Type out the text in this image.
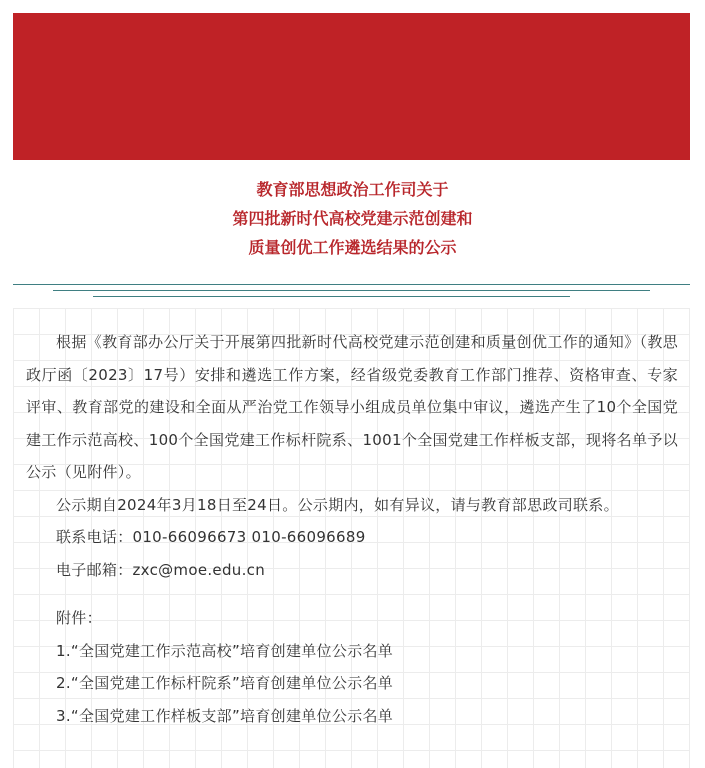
教育部思想政治工作司关于
第四批新时代高校党建示范创建和
质量创优工作遴选结果的公示

根据《教育部办公厅关于开展第四批新时代高校党建示范创建和质量创优工作的通知》（教思政厅函〔2023〕17号）安排和遴选工作方案，经省级党委教育工作部门推荐、资格审查、专家评审、教育部党的建设和全面从严治党工作领导小组成员单位集中审议，遴选产生了10个全国党建工作示范高校、100个全国党建工作标杆院系、1001个全国党建工作样板支部，现将名单予以公示（见附件）。

公示期自2024年3月18日至24日。公示期内，如有异议，请与教育部思政司联系。

联系电话：010-66096673 010-66096689

电子邮箱：zxc@moe.edu.cn

附件：

1.“全国党建工作示范高校”培育创建单位公示名单

2.“全国党建工作标杆院系”培育创建单位公示名单

3.“全国党建工作样板支部”培育创建单位公示名单
